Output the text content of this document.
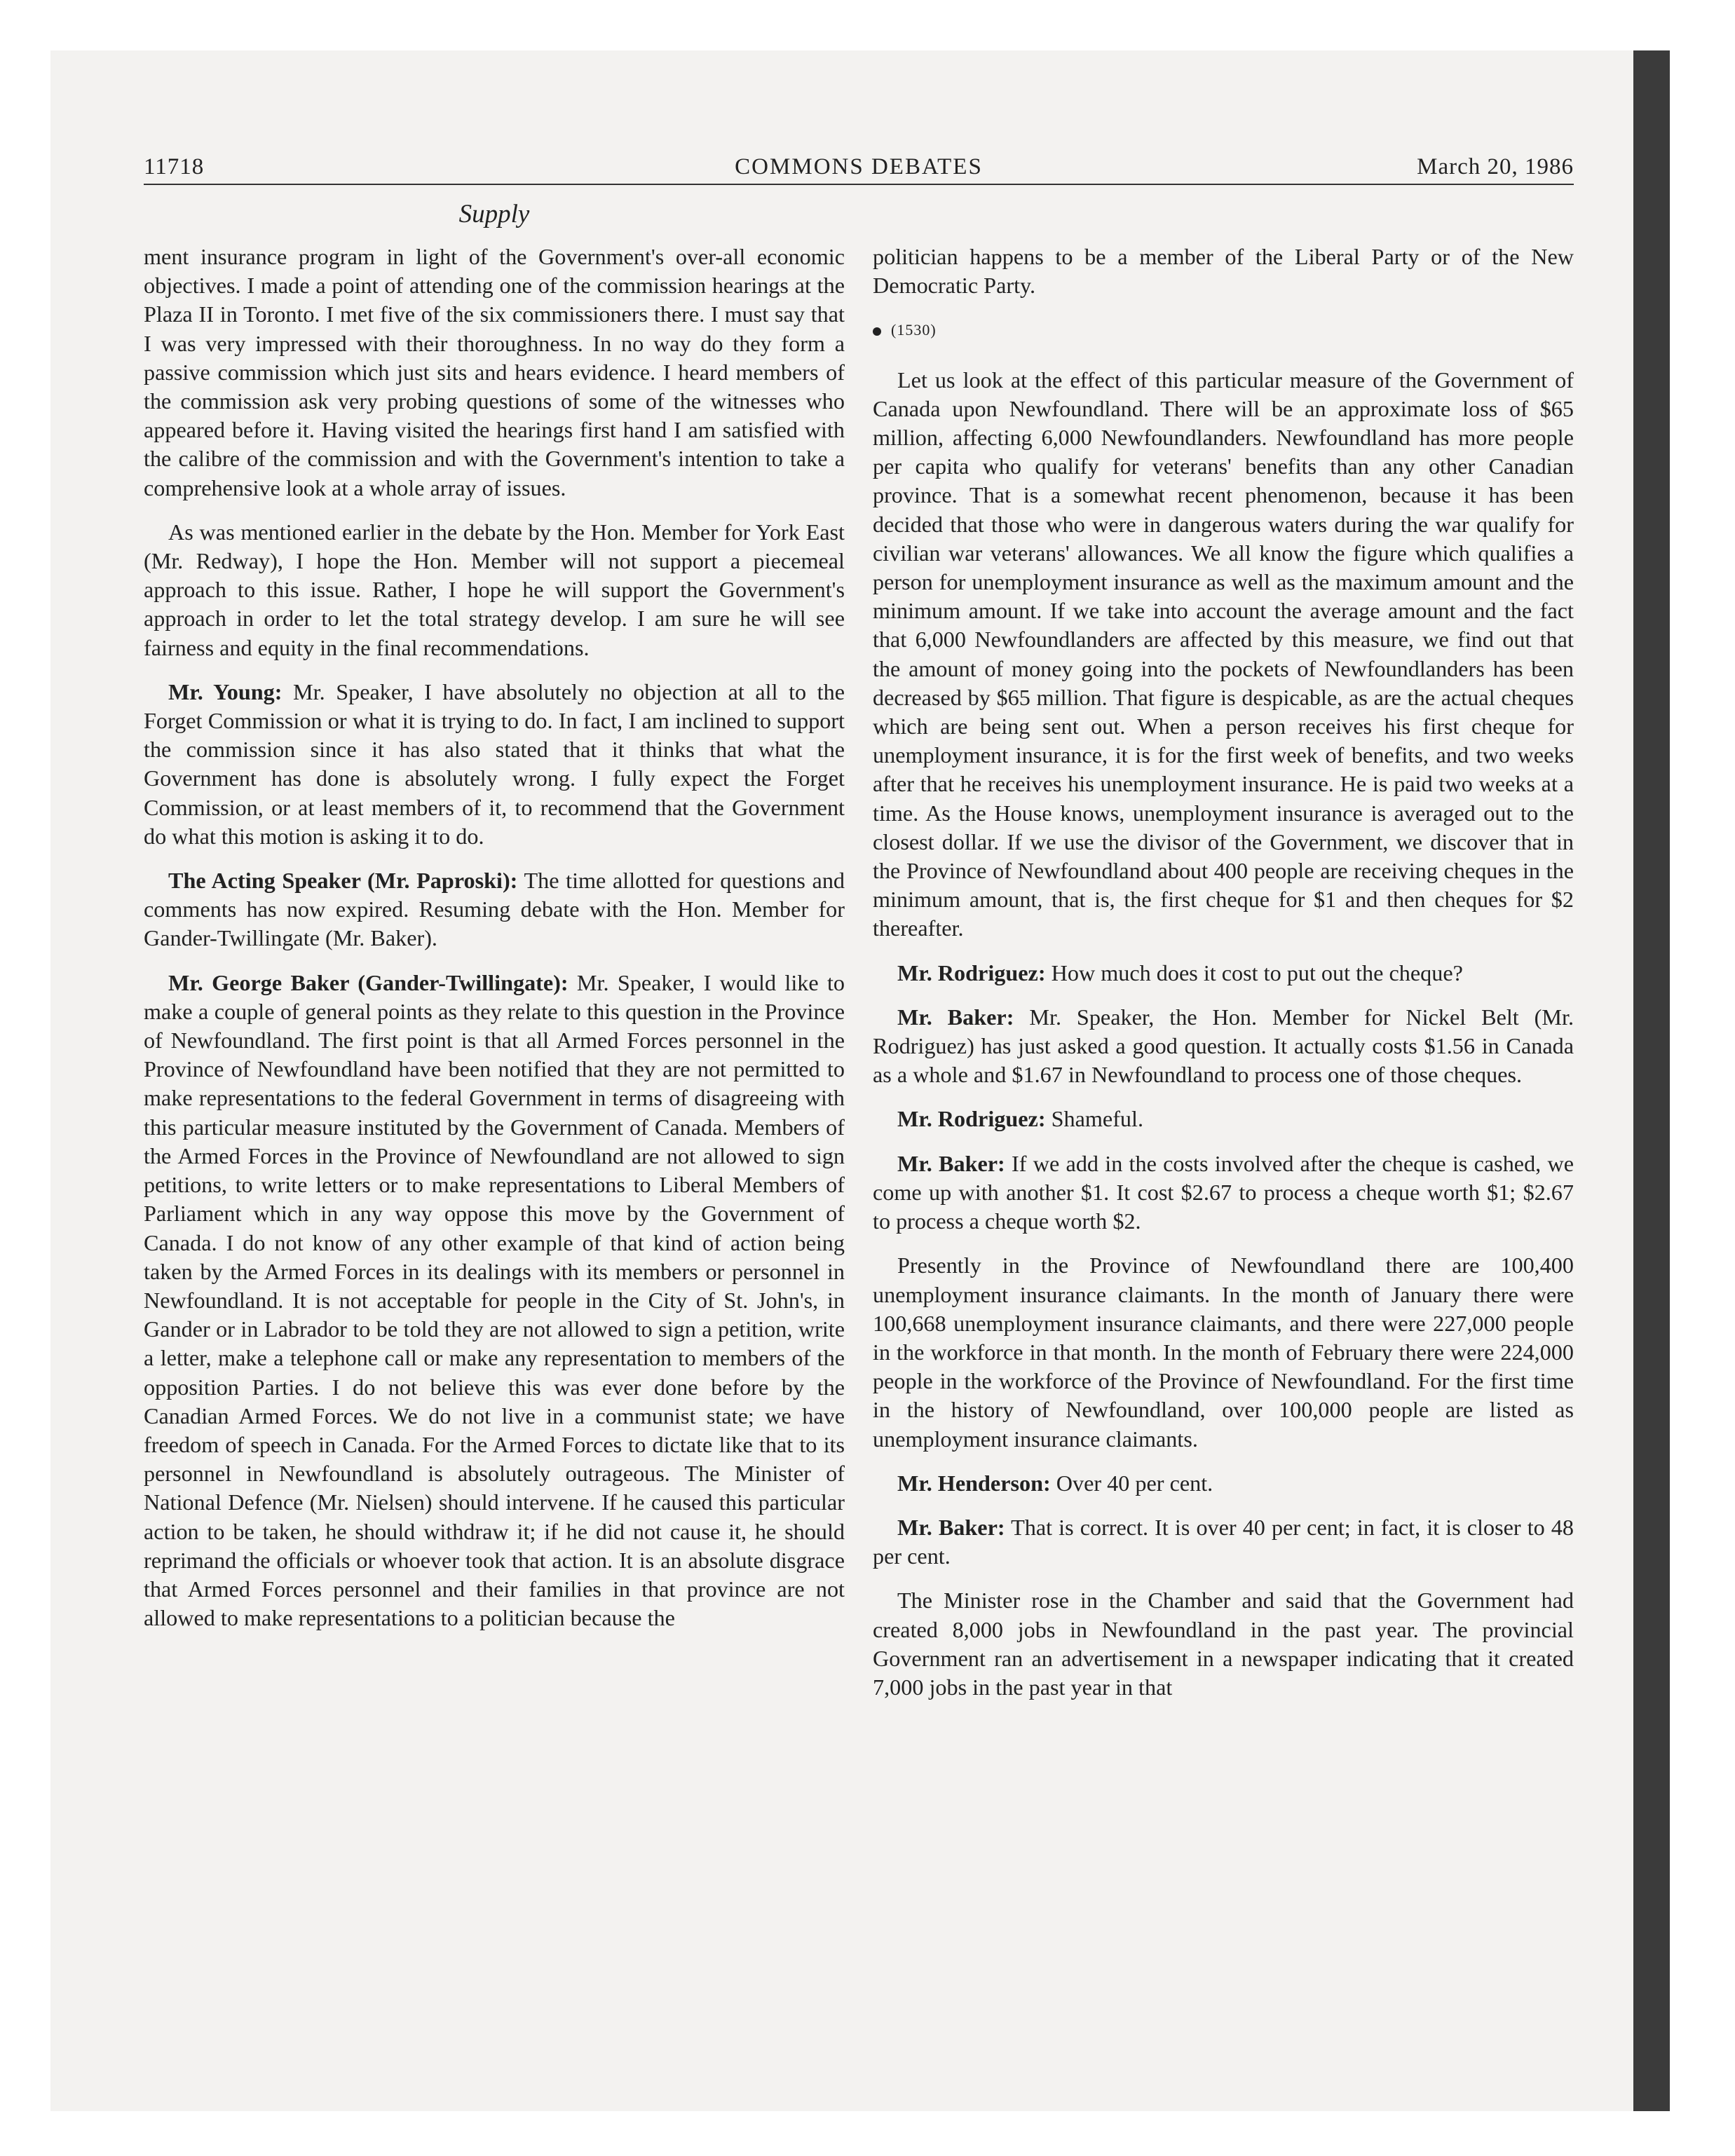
11718	COMMONS DEBATES	March 20, 1986
Supply

ment insurance program in light of the Government's over-all economic objectives. I made a point of attending one of the commission hearings at the Plaza II in Toronto. I met five of the six commissioners there. I must say that I was very impressed with their thoroughness. In no way do they form a passive commission which just sits and hears evidence. I heard members of the commission ask very probing questions of some of the witnesses who appeared before it. Having visited the hearings first hand I am satisfied with the calibre of the commission and with the Government's intention to take a comprehensive look at a whole array of issues.

As was mentioned earlier in the debate by the Hon. Member for York East (Mr. Redway), I hope the Hon. Member will not support a piecemeal approach to this issue. Rather, I hope he will support the Government's approach in order to let the total strategy develop. I am sure he will see fairness and equity in the final recommendations.

Mr. Young: Mr. Speaker, I have absolutely no objection at all to the Forget Commission or what it is trying to do. In fact, I am inclined to support the commission since it has also stated that it thinks that what the Government has done is absolutely wrong. I fully expect the Forget Commission, or at least members of it, to recommend that the Government do what this motion is asking it to do.

The Acting Speaker (Mr. Paproski): The time allotted for questions and comments has now expired. Resuming debate with the Hon. Member for Gander-Twillingate (Mr. Baker).

Mr. George Baker (Gander-Twillingate): Mr. Speaker, I would like to make a couple of general points as they relate to this question in the Province of Newfoundland. The first point is that all Armed Forces personnel in the Province of Newfoundland have been notified that they are not permitted to make representations to the federal Government in terms of disagreeing with this particular measure instituted by the Government of Canada. Members of the Armed Forces in the Province of Newfoundland are not allowed to sign petitions, to write letters or to make representations to Liberal Members of Parliament which in any way oppose this move by the Government of Canada. I do not know of any other example of that kind of action being taken by the Armed Forces in its dealings with its members or personnel in Newfoundland. It is not acceptable for people in the City of St. John's, in Gander or in Labrador to be told they are not allowed to sign a petition, write a letter, make a telephone call or make any representation to members of the opposition Parties. I do not believe this was ever done before by the Canadian Armed Forces. We do not live in a communist state; we have freedom of speech in Canada. For the Armed Forces to dictate like that to its personnel in Newfoundland is absolutely outrageous. The Minister of National Defence (Mr. Nielsen) should intervene. If he caused this particular action to be taken, he should withdraw it; if he did not cause it, he should reprimand the officials or whoever took that action. It is an absolute disgrace that Armed Forces personnel and their families in that province are not allowed to make representations to a politician because the

politician happens to be a member of the Liberal Party or of the New Democratic Party.

(1530)

Let us look at the effect of this particular measure of the Government of Canada upon Newfoundland. There will be an approximate loss of $65 million, affecting 6,000 Newfoundlanders. Newfoundland has more people per capita who qualify for veterans' benefits than any other Canadian province. That is a somewhat recent phenomenon, because it has been decided that those who were in dangerous waters during the war qualify for civilian war veterans' allowances. We all know the figure which qualifies a person for unemployment insurance as well as the maximum amount and the minimum amount. If we take into account the average amount and the fact that 6,000 Newfoundlanders are affected by this measure, we find out that the amount of money going into the pockets of Newfoundlanders has been decreased by $65 million. That figure is despicable, as are the actual cheques which are being sent out. When a person receives his first cheque for unemployment insurance, it is for the first week of benefits, and two weeks after that he receives his unemployment insurance. He is paid two weeks at a time. As the House knows, unemployment insurance is averaged out to the closest dollar. If we use the divisor of the Government, we discover that in the Province of Newfoundland about 400 people are receiving cheques in the minimum amount, that is, the first cheque for $1 and then cheques for $2 thereafter.

Mr. Rodriguez: How much does it cost to put out the cheque?

Mr. Baker: Mr. Speaker, the Hon. Member for Nickel Belt (Mr. Rodriguez) has just asked a good question. It actually costs $1.56 in Canada as a whole and $1.67 in Newfoundland to process one of those cheques.

Mr. Rodriguez: Shameful.

Mr. Baker: If we add in the costs involved after the cheque is cashed, we come up with another $1. It cost $2.67 to process a cheque worth $1; $2.67 to process a cheque worth $2.

Presently in the Province of Newfoundland there are 100,400 unemployment insurance claimants. In the month of January there were 100,668 unemployment insurance claimants, and there were 227,000 people in the workforce in that month. In the month of February there were 224,000 people in the workforce of the Province of Newfoundland. For the first time in the history of Newfoundland, over 100,000 people are listed as unemployment insurance claimants.

Mr. Henderson: Over 40 per cent.

Mr. Baker: That is correct. It is over 40 per cent; in fact, it is closer to 48 per cent.

The Minister rose in the Chamber and said that the Government had created 8,000 jobs in Newfoundland in the past year. The provincial Government ran an advertisement in a newspaper indicating that it created 7,000 jobs in the past year in that
